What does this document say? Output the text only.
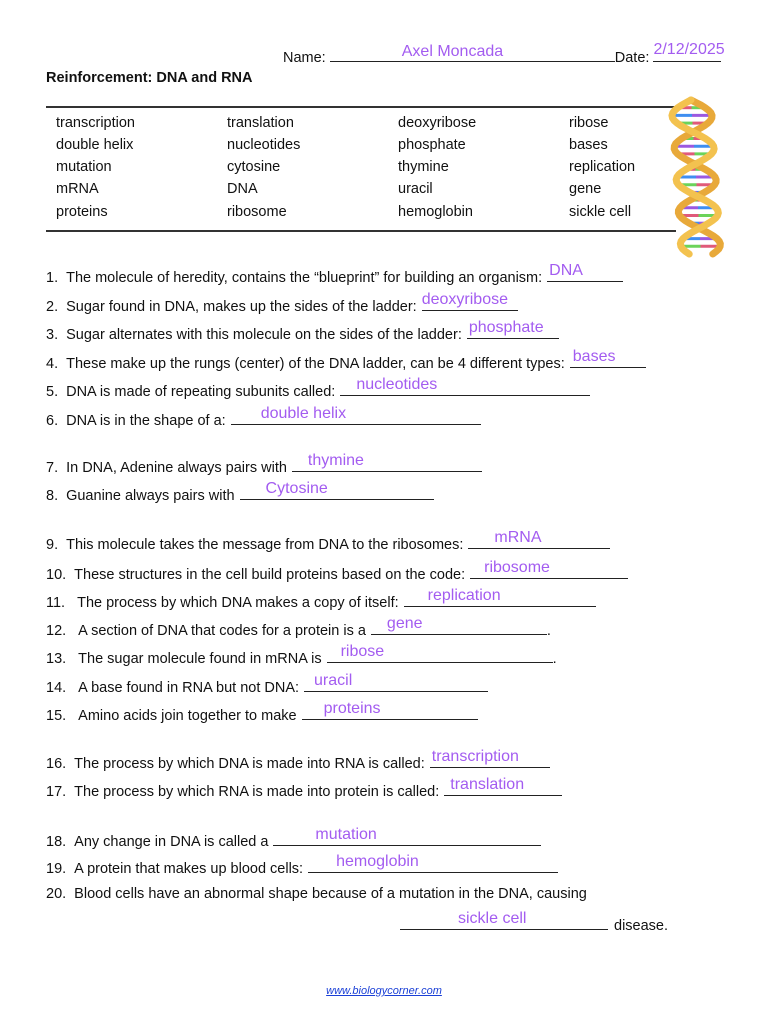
Name:	Axel Moncada	Date: 2/12/2025
Reinforcement: DNA and RNA
transcription	translation	deoxyribose	ribose
double helix	nucleotides	phosphate	bases
mutation	cytosine	thymine	replication
mRNA	DNA	uracil	gene
proteins	ribosome	hemoglobin	sickle cell
1. The molecule of heredity, contains the “blueprint” for building an organism: DNA
2. Sugar found in DNA, makes up the sides of the ladder: deoxyribose
3. Sugar alternates with this molecule on the sides of the ladder: phosphate
4. These make up the rungs (center) of the DNA ladder, can be 4 different types: bases
5. DNA is made of repeating subunits called: nucleotides
6. DNA is in the shape of a: double helix
7. In DNA, Adenine always pairs with thymine
8. Guanine always pairs with Cytosine
9. This molecule takes the message from DNA to the ribosomes: mRNA
10. These structures in the cell build proteins based on the code: ribosome
11. The process by which DNA makes a copy of itself: replication
12. A section of DNA that codes for a protein is a gene	.
13. The sugar molecule found in mRNA is ribose	.
14. A base found in RNA but not DNA: uracil
15. Amino acids join together to make proteins
16. The process by which DNA is made into RNA is called: transcription
17. The process by which RNA is made into protein is called: translation
18. Any change in DNA is called a	mutation
19. A protein that makes up blood cells: hemoglobin
20. Blood cells have an abnormal shape because of a mutation in the DNA, causing
sickle cell	disease.
www.biologycorner.com
